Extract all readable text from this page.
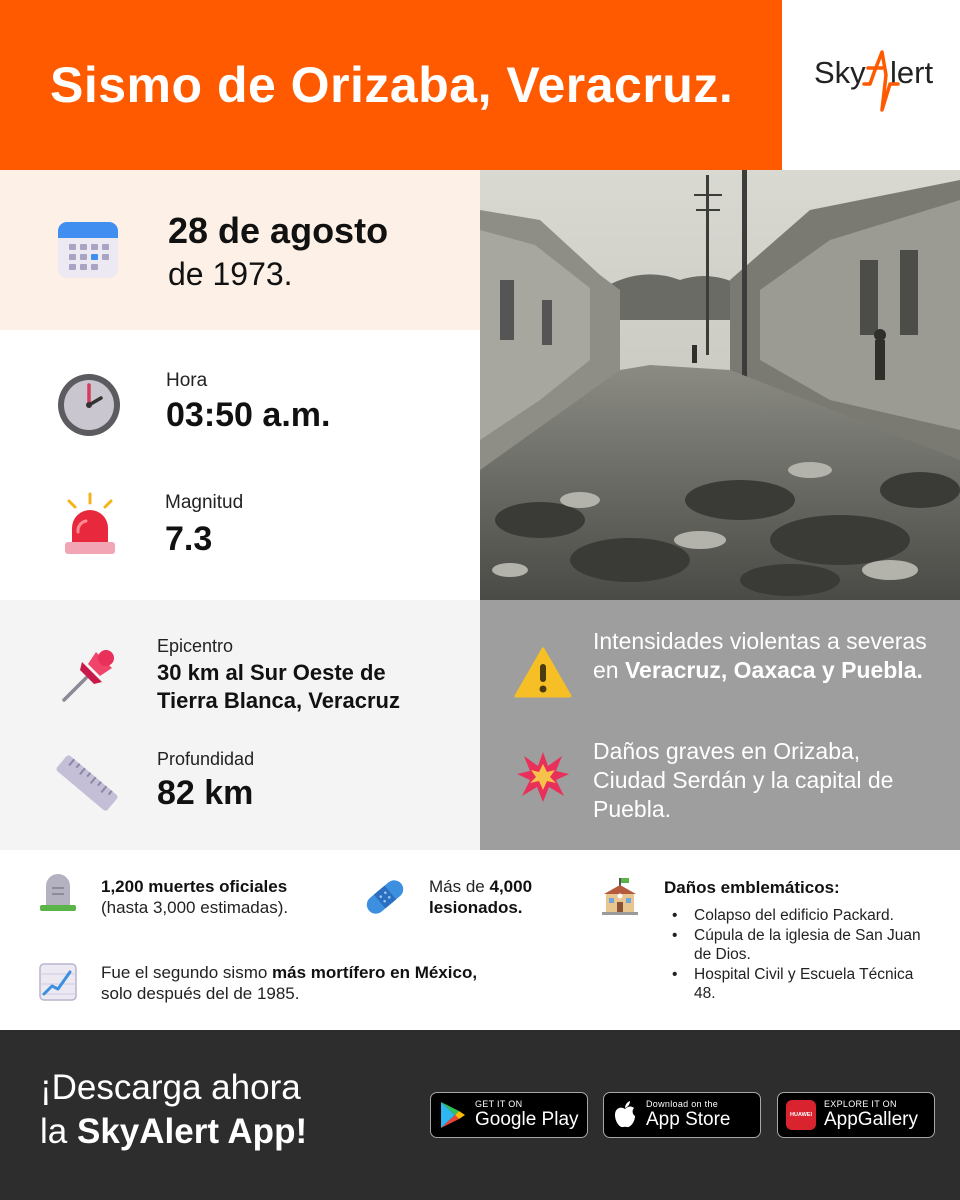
Sismo de Orizaba, Veracruz.	Sky lert
28 de agosto
de 1973.
Hora
03:50 a.m.
Magnitud
7.3
Epicentro
30 km al Sur Oeste de
Tierra Blanca, Veracruz
Profundidad
82 km
Intensidades violentas a severas en Veracruz, Oaxaca y Puebla.
Daños graves en Orizaba, Ciudad Serdán y la capital de Puebla.
1,200 muertes oficiales
(hasta 3,000 estimadas).
Más de 4,000 lesionados.
Daños emblemáticos:
• Colapso del edificio Packard.
• Cúpula de la iglesia de San Juan de Dios.
• Hospital Civil y Escuela Técnica 48.
Fue el segundo sismo más mortífero en México,
solo después del de 1985.
¡Descarga ahora
la SkyAlert App!
GET IT ON
Google Play
Download on the
App Store	HUAWEI
EXPLORE IT ON
AppGallery
